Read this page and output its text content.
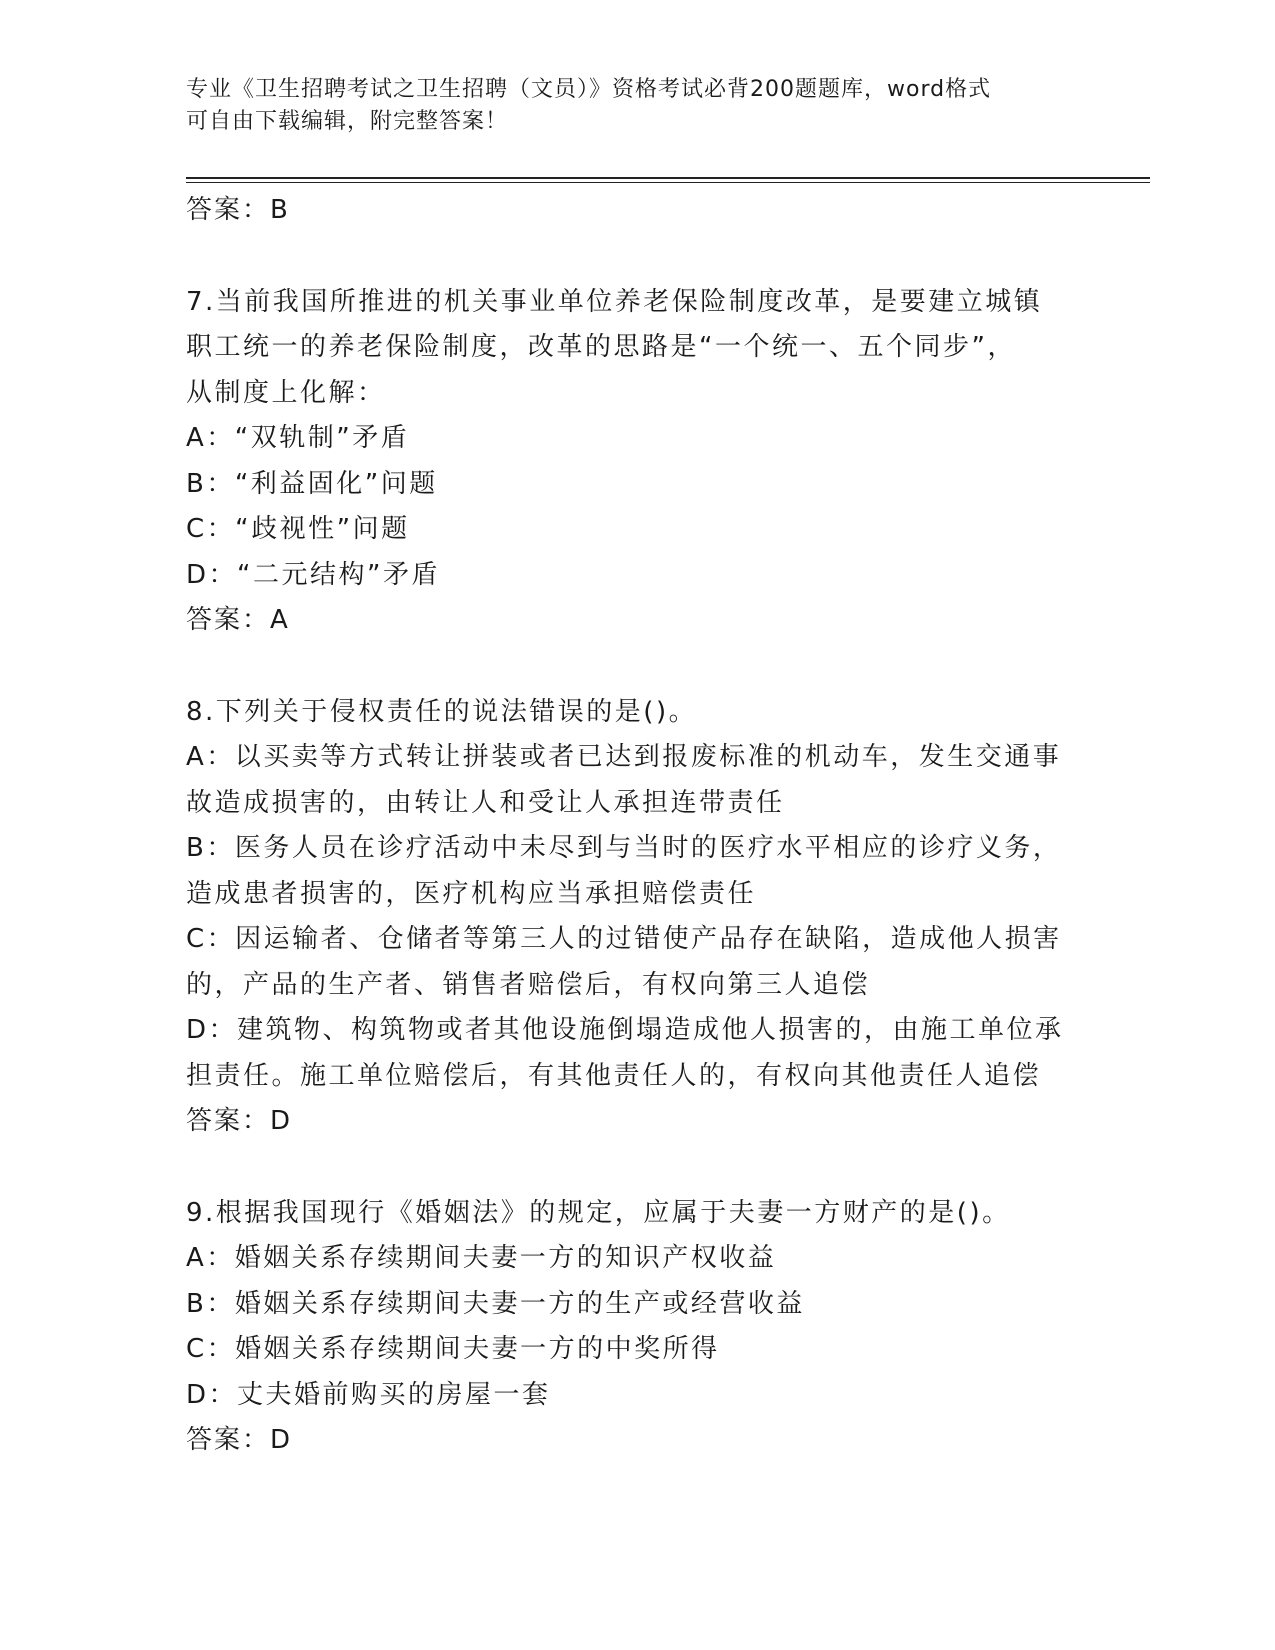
专业《卫生招聘考试之卫生招聘（文员）》资格考试必背200题题库，word格式
可自由下载编辑，附完整答案！
答案：B
7.当前我国所推进的机关事业单位养老保险制度改革，是要建立城镇
职工统一的养老保险制度，改革的思路是“一个统一、五个同步”，
从制度上化解：
A：“双轨制”矛盾
B：“利益固化”问题
C：“歧视性”问题
D：“二元结构”矛盾
答案：A
8.下列关于侵权责任的说法错误的是()。
A：以买卖等方式转让拼装或者已达到报废标准的机动车，发生交通事
故造成损害的，由转让人和受让人承担连带责任
B：医务人员在诊疗活动中未尽到与当时的医疗水平相应的诊疗义务，
造成患者损害的，医疗机构应当承担赔偿责任
C：因运输者、仓储者等第三人的过错使产品存在缺陷，造成他人损害
的，产品的生产者、销售者赔偿后，有权向第三人追偿
D：建筑物、构筑物或者其他设施倒塌造成他人损害的，由施工单位承
担责任。施工单位赔偿后，有其他责任人的，有权向其他责任人追偿
答案：D
9.根据我国现行《婚姻法》的规定，应属于夫妻一方财产的是()。
A：婚姻关系存续期间夫妻一方的知识产权收益
B：婚姻关系存续期间夫妻一方的生产或经营收益
C：婚姻关系存续期间夫妻一方的中奖所得
D：丈夫婚前购买的房屋一套
答案：D
